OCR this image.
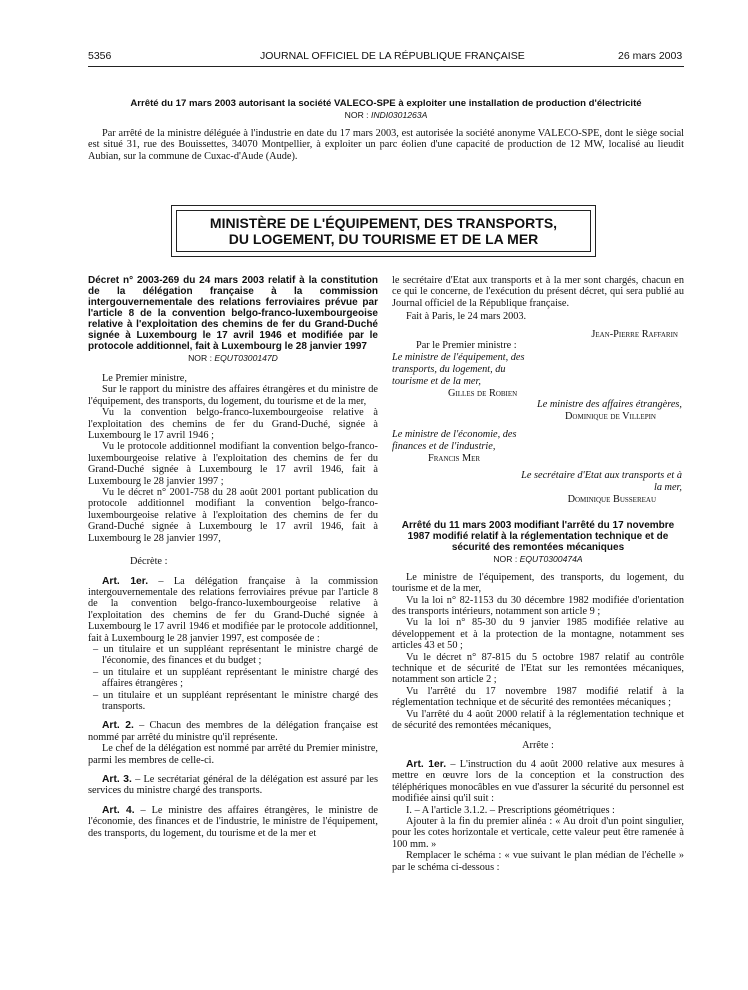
5356	JOURNAL OFFICIEL DE LA RÉPUBLIQUE FRANÇAISE	26 mars 2003

Arrêté du 17 mars 2003 autorisant la société VALECO-SPE à exploiter une installation de production d'électricité

NOR : INDI0301263A

Par arrêté de la ministre déléguée à l'industrie en date du 17 mars 2003, est autorisée la société anonyme VALECO-SPE, dont le siège social est situé 31, rue des Bouissettes, 34070 Montpellier, à exploiter un parc éolien d'une capacité de production de 12 MW, localisé au lieudit Aubian, sur la commune de Cuxac-d'Aude (Aude).

MINISTÈRE DE L'ÉQUIPEMENT, DES TRANSPORTS,
DU LOGEMENT, DU TOURISME ET DE LA MER

Décret n° 2003-269 du 24 mars 2003 relatif à la constitution de la délégation française à la commission intergouvernementale des relations ferroviaires prévue par l'article 8 de la convention belgo-franco-luxembourgeoise relative à l'exploitation des chemins de fer du Grand-Duché signée à Luxembourg le 17 avril 1946 et modifiée par le protocole additionnel, fait à Luxembourg le 28 janvier 1997

NOR : EQUT0300147D

Le Premier ministre,

Sur le rapport du ministre des affaires étrangères et du ministre de l'équipement, des transports, du logement, du tourisme et de la mer,

Vu la convention belgo-franco-luxembourgeoise relative à l'exploitation des chemins de fer du Grand-Duché, signée à Luxembourg le 17 avril 1946 ;

Vu le protocole additionnel modifiant la convention belgo-franco-luxembourgeoise relative à l'exploitation des chemins de fer du Grand-Duché signée à Luxembourg le 17 avril 1946, fait à Luxembourg le 28 janvier 1997 ;

Vu le décret n° 2001-758 du 28 août 2001 portant publication du protocole additionnel modifiant la convention belgo-franco-luxembourgeoise relative à l'exploitation des chemins de fer du Grand-Duché signée à Luxembourg le 17 avril 1946, fait à Luxembourg le 28 janvier 1997,

Décrète :

Art. 1er. – La délégation française à la commission intergouvernementale des relations ferroviaires prévue par l'article 8 de la convention belgo-franco-luxembourgeoise relative à l'exploitation des chemins de fer du Grand-Duché signée à Luxembourg le 17 avril 1946 et modifiée par le protocole additionnel, fait à Luxembourg le 28 janvier 1997, est composée de :

– un titulaire et un suppléant représentant le ministre chargé de l'économie, des finances et du budget ;

– un titulaire et un suppléant représentant le ministre chargé des affaires étrangères ;

– un titulaire et un suppléant représentant le ministre chargé des transports.

Art. 2. – Chacun des membres de la délégation française est nommé par arrêté du ministre qu'il représente.

Le chef de la délégation est nommé par arrêté du Premier ministre, parmi les membres de celle-ci.

Art. 3. – Le secrétariat général de la délégation est assuré par les services du ministre chargé des transports.

Art. 4. – Le ministre des affaires étrangères, le ministre de l'économie, des finances et de l'industrie, le ministre de l'équipement, des transports, du logement, du tourisme et de la mer et

le secrétaire d'Etat aux transports et à la mer sont chargés, chacun en ce qui le concerne, de l'exécution du présent décret, qui sera publié au Journal officiel de la République française.

Fait à Paris, le 24 mars 2003.

Jean-Pierre Raffarin

Par le Premier ministre :

Le ministre de l'équipement, des transports, du logement, du tourisme et de la mer,

Gilles de Robien

Le ministre des affaires étrangères,

Dominique de Villepin

Le ministre de l'économie, des finances et de l'industrie,

Francis Mer

Le secrétaire d'Etat aux transports et à la mer,

Dominique Bussereau

Arrêté du 11 mars 2003 modifiant l'arrêté du 17 novembre 1987 modifié relatif à la réglementation technique et de sécurité des remontées mécaniques

NOR : EQUT0300474A

Le ministre de l'équipement, des transports, du logement, du tourisme et de la mer,

Vu la loi n° 82-1153 du 30 décembre 1982 modifiée d'orientation des transports intérieurs, notamment son article 9 ;

Vu la loi n° 85-30 du 9 janvier 1985 modifiée relative au développement et à la protection de la montagne, notamment ses articles 43 et 50 ;

Vu le décret n° 87-815 du 5 octobre 1987 relatif au contrôle technique et de sécurité de l'Etat sur les remontées mécaniques, notamment son article 2 ;

Vu l'arrêté du 17 novembre 1987 modifié relatif à la réglementation technique et de sécurité des remontées mécaniques ;

Vu l'arrêté du 4 août 2000 relatif à la réglementation technique et de sécurité des remontées mécaniques,

Arrête :

Art. 1er. – L'instruction du 4 août 2000 relative aux mesures à mettre en œuvre lors de la conception et la construction des téléphériques monocâbles en vue d'assurer la sécurité du personnel est modifiée ainsi qu'il suit :

I. – A l'article 3.1.2. – Prescriptions géométriques :

Ajouter à la fin du premier alinéa : « Au droit d'un point singulier, pour les cotes horizontale et verticale, cette valeur peut être ramenée à 100 mm. »

Remplacer le schéma : « vue suivant le plan médian de l'échelle » par le schéma ci-dessous :
